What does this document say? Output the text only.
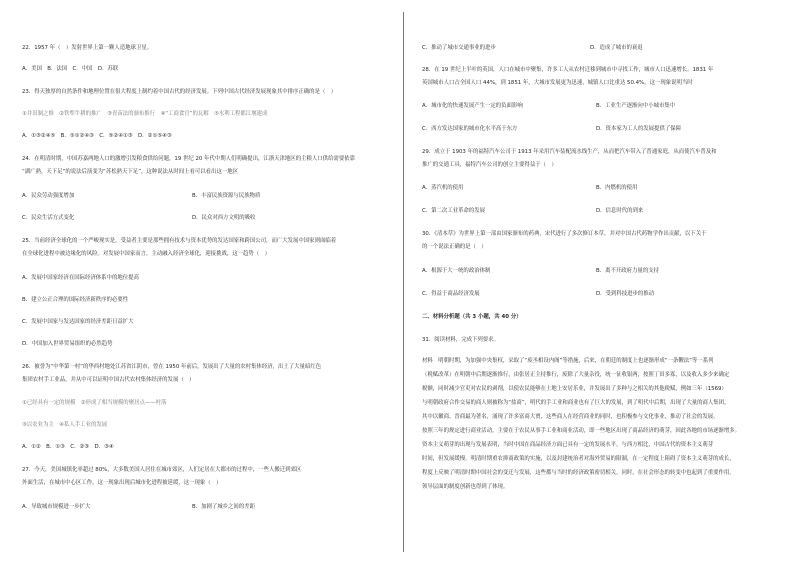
22．1957 年（　）发射世界上第一颗人造地球卫星。
A．美国　B．法国　C．中国　D．苏联
23．得天独厚的自然条件和地理位置在很大程度上制约着中国古代的经济发展。下列中国古代经济发展现象其中排序正确的是（　）
①井田制之推　②铁犁牛耕的推广　③青苗法的颁布推行　④“工商食官”的瓦解　⑤水利工程都江堰建成
A．①③②④⑤　B．⑤①②④③　C．⑤②④①③　D．②①⑤④③
24．在明清时期，中国苏嘉两地人口的激增引发粮食供给问题，19 世纪 20 年代中期人们明确提出，江浙天津地区的主粮人口供给需要依靠
“湖广熟，天下足”的说法后演变为“苏松熟天下足”，这种说法从时间上看可以看出这一地区
A．民众劳动强度增加	B．丰富民族资源与民族物质
C．民众生活方式变化	D．民众对西方文明的吸收
25．当前经济全球化的一个严峻现实是，受益者主要是那些拥有技术与资本优势的发达国家和跨国公司，而广大发展中国家则面临着
在全球化进程中被边缘化的风险。对发展中国家而言，主动融入经济全球化，迎接挑战，这一趋势（　）
A．发展中国家经济在国际经济体系中的地位提高
B．建立公正合理的国际经济新秩序的必要性
C．发展中国家与发达国家的经济差距日益扩大
D．中国加入世界贸易组织的必然趋势
26．被誉为“中华第一村”的华西村地处江苏省江阴市，曾在 1950 年前后，发展出了大量的农村集体经济，出土了大量暗红色
集团农村手工业品，并从中可以证明中国古代农村集体经济的发展（　）
①已经具有一定的规模　②形成了相当规模的聚居点——村落
③以农业为主　④私人手工业的发展
A．①②　B．①③　C．②③　D．③④
27．今天，美国城镇化率超过 80%，大多数美国人居住在城市郊区，人们定居在大都市的过程中，一些人搬迁到郊区
外面生活，在城市中心区工作，这一现象出现后城市化进程被延缓，这一现象（　）
A．导致城市规模进一步扩大	B．加剧了城乡之间的差距
C．推动了城市交通事业的进步	D．造成了城市的衰退
28．在 19 世纪上半叶的英国，人口在城市中聚集，许多工人从农村迁移到城市中寻找工作，城市人口迅速增长。1831 年
英国城市人口占全国人口 44%，到 1851 年，大城市发展更为迅速，城镇人口比重达 50.4%，这一现象说明当时
A．城市化的快速发展产生一定的负面影响	B．工业生产逐渐向中小城市集中
C．西方发达国家的城市化水平高于东方	D．资本家为工人的发展提供了保障
29．成立于 1903 年的福特汽车公司于 1913 年采用汽车装配流水线生产，从而把汽车带入了普通家庭，从而使汽车普及和
推广的交通工具，福特汽车公司的创立主要得益于（　）
A．蒸汽机的使用	B．内燃机的使用
C．第二次工业革命的发展	D．信息时代的到来
30．《清本草》为世界上第一部由国家颁布的药典，宋代进行了多次修订本草，并对中国古代药物学作出贡献，以下关于
的一个说法正确的是（　）
A．根源于大一统的政治体制	B．离不开政府力量的支持
C．得益于商品经济发展	D．受到科技进步的推动
二、材料分析题（共 3 小题，共 40 分）
31．阅读材料，完成下列要求。
材料　明朝时期，为加强中央集权，采取了“废丞相设内阁”等措施，后来，在朝廷的制度上也逐渐形成“一条鞭法”等一系列
（税赋改革）在明朝中后期逐渐推行，由张居正主持推行，废除了大量杂役，统一征收银两，按照丁田多寡，以及收入多少来确定
税额，同时减少官吏对农民的剥削，以使农民能够在土地上安居乐业，并发展出了多种与之相关的其他税赋，例如三年（1569）
与明朝政府合作交易的商人则被称为“盐商”，明代的手工业和商业也有了巨大的发展，到了明代中后期，出现了大量的商人集团，
其中以徽商、晋商最为著名，涌现了许多富商大贾，这些商人在经营商业的同时，也积极参与文化事业，推动了社会的发展。
按照三年的规定进行商业活动，主要在于农民从事手工业和商业活动，即一些地区出现了商品经济的萌芽，因此各地的市场逐渐增多。
资本主义萌芽的出现与发展表明，当时中国在商品经济方面已具有一定的发展水平，与西方相比，中国古代的资本主义萌芽
时间，但发展缓慢。明清时期重农抑商政策的实施，以及封建统治者对海外贸易的限制，在一定程度上阻碍了资本主义萌芽的成长，
程度上反映了明清时期中国社会的变迁与发展，这些都与当时的经济政策密切相关，同时，在社会形态的转变中也起到了重要作用。
领导层面的制度创新也得到了体现。
